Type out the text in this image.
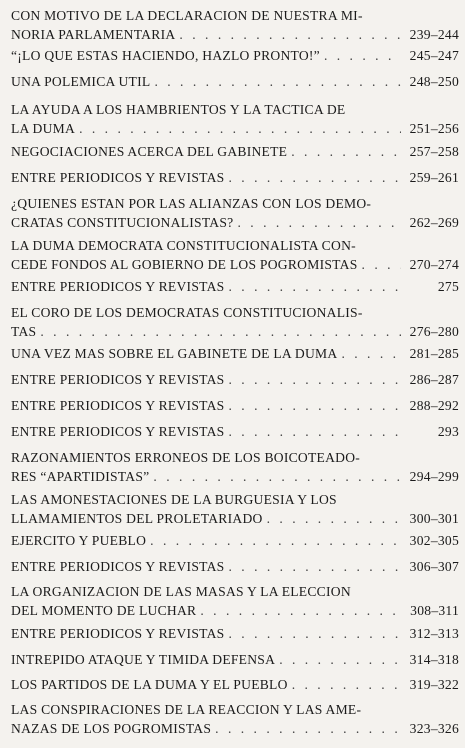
CON MOTIVO DE LA DECLARACION DE NUESTRA MI-
NORIA PARLAMENTARIA . . .	239–244
“¡LO QUE ESTAS HACIENDO, HAZLO PRONTO!” . . .	245–247
UNA POLEMICA UTIL . . .	248–250
LA AYUDA A LOS HAMBRIENTOS Y LA TACTICA DE
LA DUMA . . .	251–256
NEGOCIACIONES ACERCA DEL GABINETE . . .	257–258
ENTRE PERIODICOS Y REVISTAS . . .	259–261
¿QUIENES ESTAN POR LAS ALIANZAS CON LOS DEMO-
CRATAS CONSTITUCIONALISTAS? . . .	262–269
LA DUMA DEMOCRATA CONSTITUCIONALISTA CON-
CEDE FONDOS AL GOBIERNO DE LOS POGROMISTAS . . .	270–274
ENTRE PERIODICOS Y REVISTAS . . .	275
EL CORO DE LOS DEMOCRATAS CONSTITUCIONALIS-
TAS . . .	276–280
UNA VEZ MAS SOBRE EL GABINETE DE LA DUMA . . .	281–285
ENTRE PERIODICOS Y REVISTAS . . .	286–287
ENTRE PERIODICOS Y REVISTAS . . .	288–292
ENTRE PERIODICOS Y REVISTAS . . .	293
RAZONAMIENTOS ERRONEOS DE LOS BOICOTEADO-
RES “APARTIDISTAS” . . .	294–299
LAS AMONESTACIONES DE LA BURGUESIA Y LOS
LLAMAMIENTOS DEL PROLETARIADO . . .	300–301
EJERCITO Y PUEBLO . . .	302–305
ENTRE PERIODICOS Y REVISTAS . . .	306–307
LA ORGANIZACION DE LAS MASAS Y LA ELECCION
DEL MOMENTO DE LUCHAR . . .	308–311
ENTRE PERIODICOS Y REVISTAS . . .	312–313
INTREPIDO ATAQUE Y TIMIDA DEFENSA . . .	314–318
LOS PARTIDOS DE LA DUMA Y EL PUEBLO . . .	319–322
LAS CONSPIRACIONES DE LA REACCION Y LAS AME-
NAZAS DE LOS POGROMISTAS . . .	323–326
